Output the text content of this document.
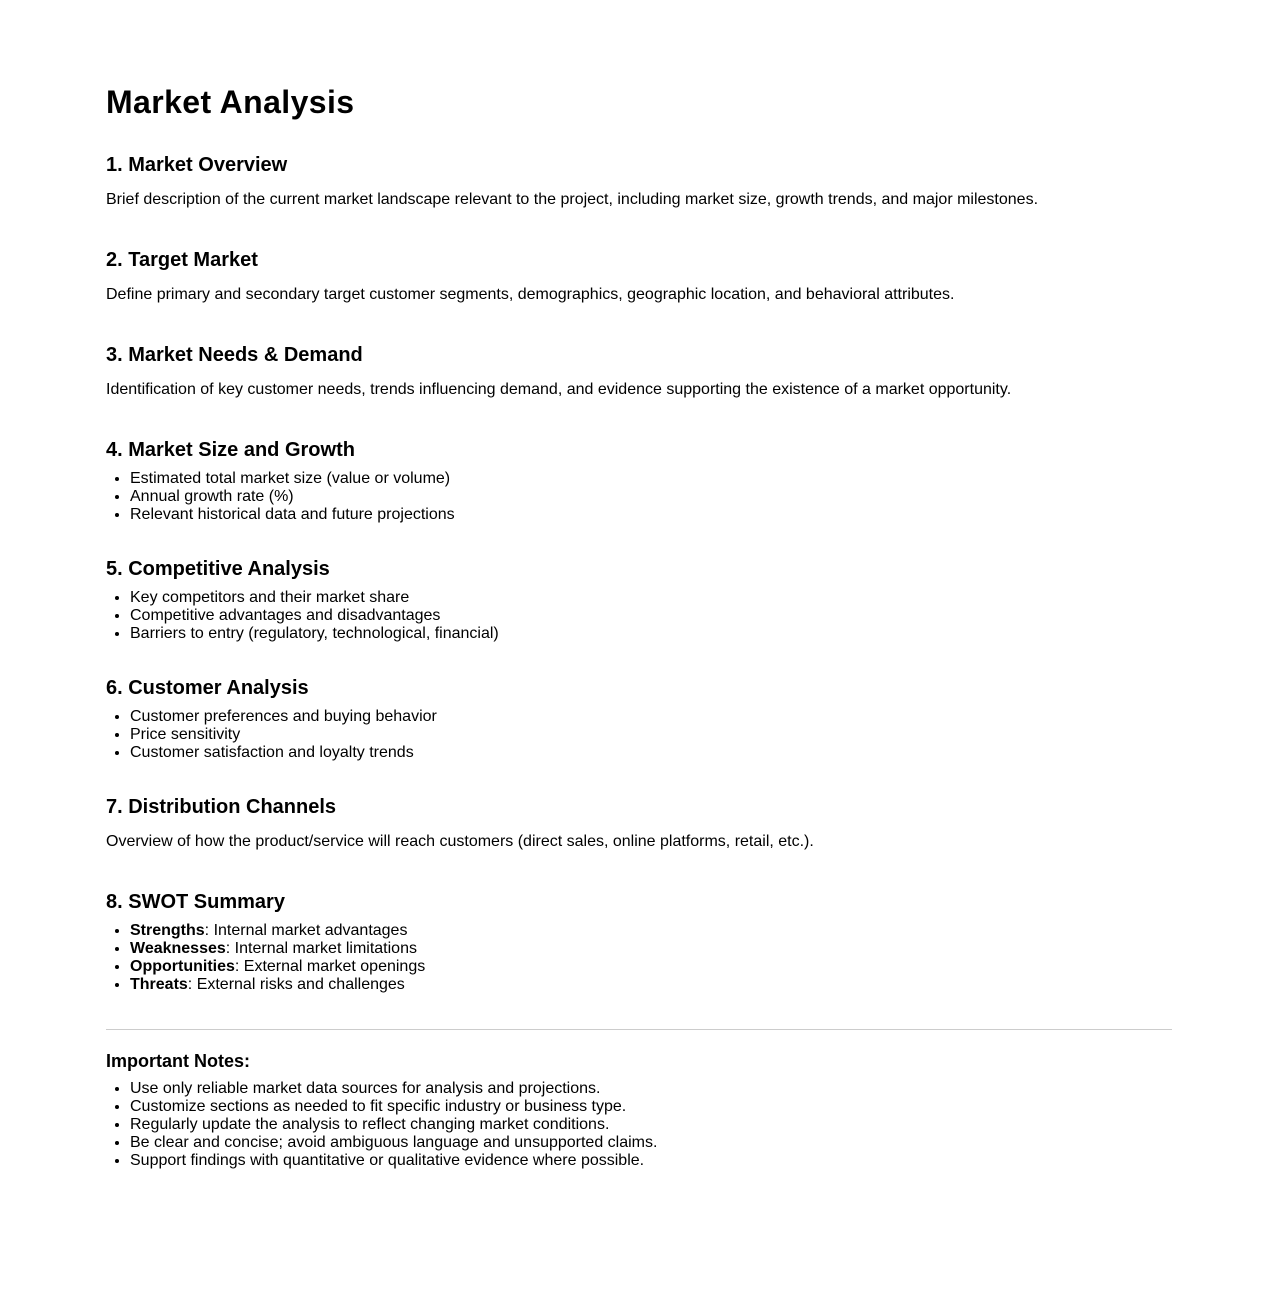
Market Analysis
1. Market Overview

Brief description of the current market landscape relevant to the project, including market size, growth trends, and major milestones.

2. Target Market

Define primary and secondary target customer segments, demographics, geographic location, and behavioral attributes.

3. Market Needs & Demand

Identification of key customer needs, trends influencing demand, and evidence supporting the existence of a market opportunity.

4. Market Size and Growth
• Estimated total market size (value or volume)
• Annual growth rate (%)
• Relevant historical data and future projections
5. Competitive Analysis
• Key competitors and their market share
• Competitive advantages and disadvantages
• Barriers to entry (regulatory, technological, financial)
6. Customer Analysis
• Customer preferences and buying behavior
• Price sensitivity
• Customer satisfaction and loyalty trends
7. Distribution Channels

Overview of how the product/service will reach customers (direct sales, online platforms, retail, etc.).

8. SWOT Summary
• Strengths: Internal market advantages
• Weaknesses: Internal market limitations
• Opportunities: External market openings
• Threats: External risks and challenges
Important Notes:
• Use only reliable market data sources for analysis and projections.
• Customize sections as needed to fit specific industry or business type.
• Regularly update the analysis to reflect changing market conditions.
• Be clear and concise; avoid ambiguous language and unsupported claims.
• Support findings with quantitative or qualitative evidence where possible.
